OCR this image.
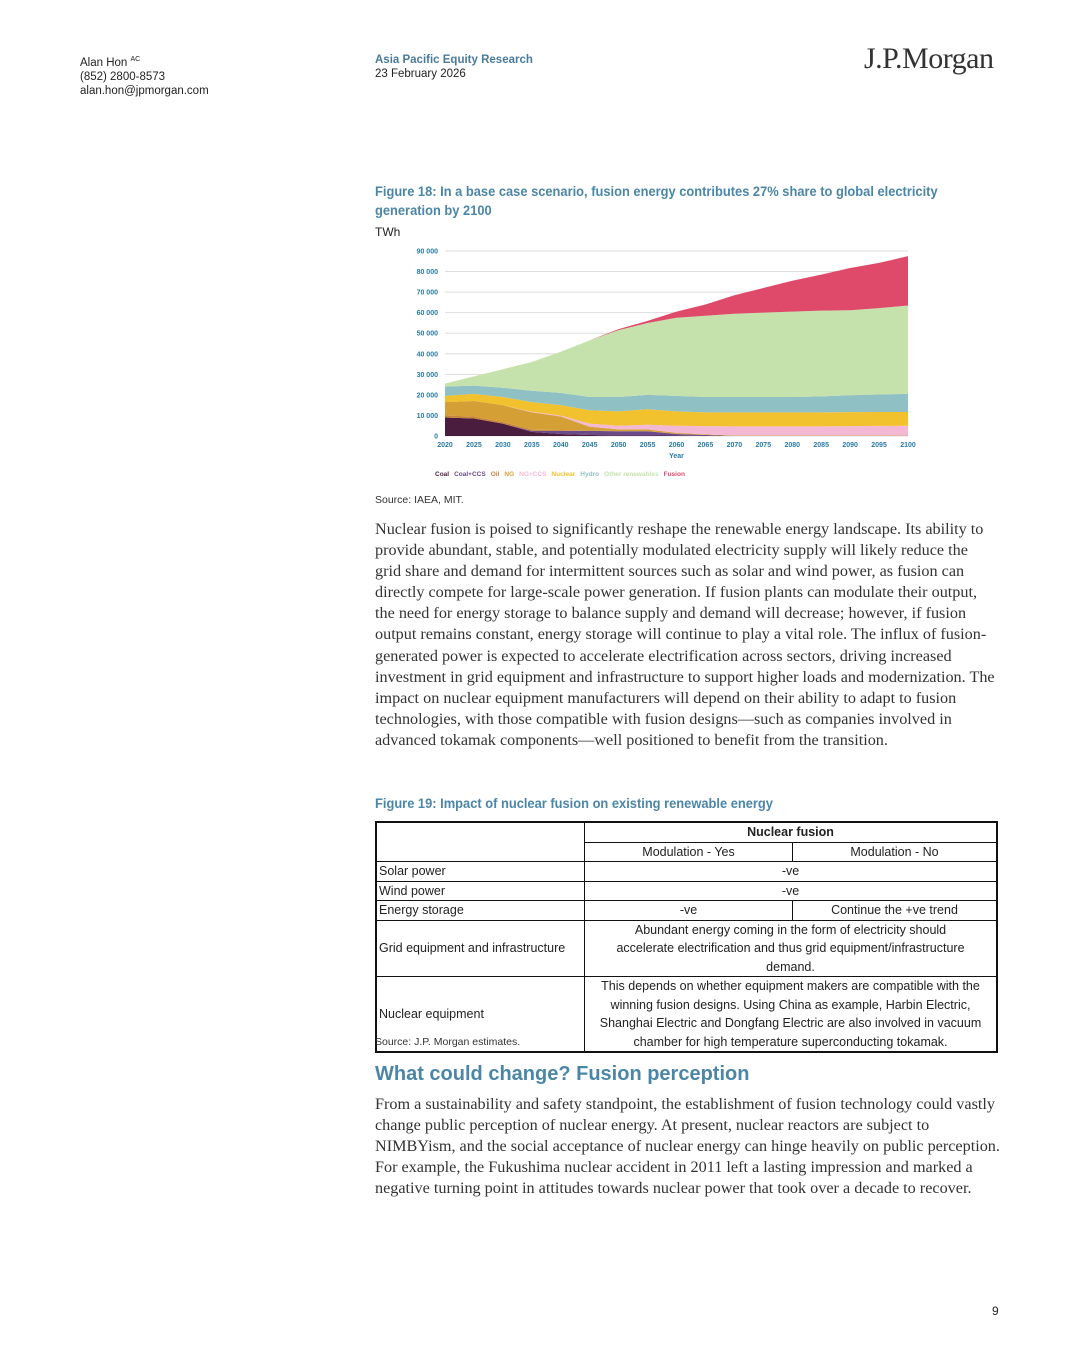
Alan Hon $^{AC}$
(852) 2800-8573
alan.hon@jpmorgan.com
Asia Pacific Equity Research
23 February 2026	J.P.Morgan
Figure 18: In a base case scenario, fusion energy contributes 27% share to global electricity generation by 2100
TWh
0
10 000
20 000
30 000
40 000
50 000
60 000
70 000
80 000
90 000
2020 2025 2030 2035 2040 2045 2050 2055 2060 2065 2070 2075 2080 2085 2090 2095 2100
Year
Coal Coal+CCS Oil NG NG+CCS Nuclear Hydro Other renewables Fusion
Source: IAEA, MIT.
Nuclear fusion is poised to significantly reshape the renewable energy landscape. Its ability to provide abundant, stable, and potentially modulated electricity supply will likely reduce the grid share and demand for intermittent sources such as solar and wind power, as fusion can directly compete for large-scale power generation. If fusion plants can modulate their output, the need for energy storage to balance supply and demand will decrease; however, if fusion output remains constant, energy storage will continue to play a vital role. The influx of fusion-generated power is expected to accelerate electrification across sectors, driving increased investment in grid equipment and infrastructure to support higher loads and modernization. The impact on nuclear equipment manufacturers will depend on their ability to adapt to fusion technologies, with those compatible with fusion designs—such as companies involved in advanced tokamak components—well positioned to benefit from the transition.
Figure 19: Impact of nuclear fusion on existing renewable energy
	Nuclear fusion	
	Modulation - Yes	Modulation - No
Solar power	-ve	
Wind power	-ve	
Energy storage	-ve	Continue the +ve trend
Grid equipment and infrastructure	Abundant energy coming in the form of electricity should accelerate electrification and thus grid equipment/infrastructure demand.	
Nuclear equipment	This depends on whether equipment makers are compatible with the winning fusion designs. Using China as example, Harbin Electric, Shanghai Electric and Dongfang Electric are also involved in vacuum chamber for high temperature superconducting tokamak.	
Source: J.P. Morgan estimates.
What could change? Fusion perception
From a sustainability and safety standpoint, the establishment of fusion technology could vastly change public perception of nuclear energy. At present, nuclear reactors are subject to NIMBYism, and the social acceptance of nuclear energy can hinge heavily on public perception. For example, the Fukushima nuclear accident in 2011 left a lasting impression and marked a negative turning point in attitudes towards nuclear power that took over a decade to recover.
9
